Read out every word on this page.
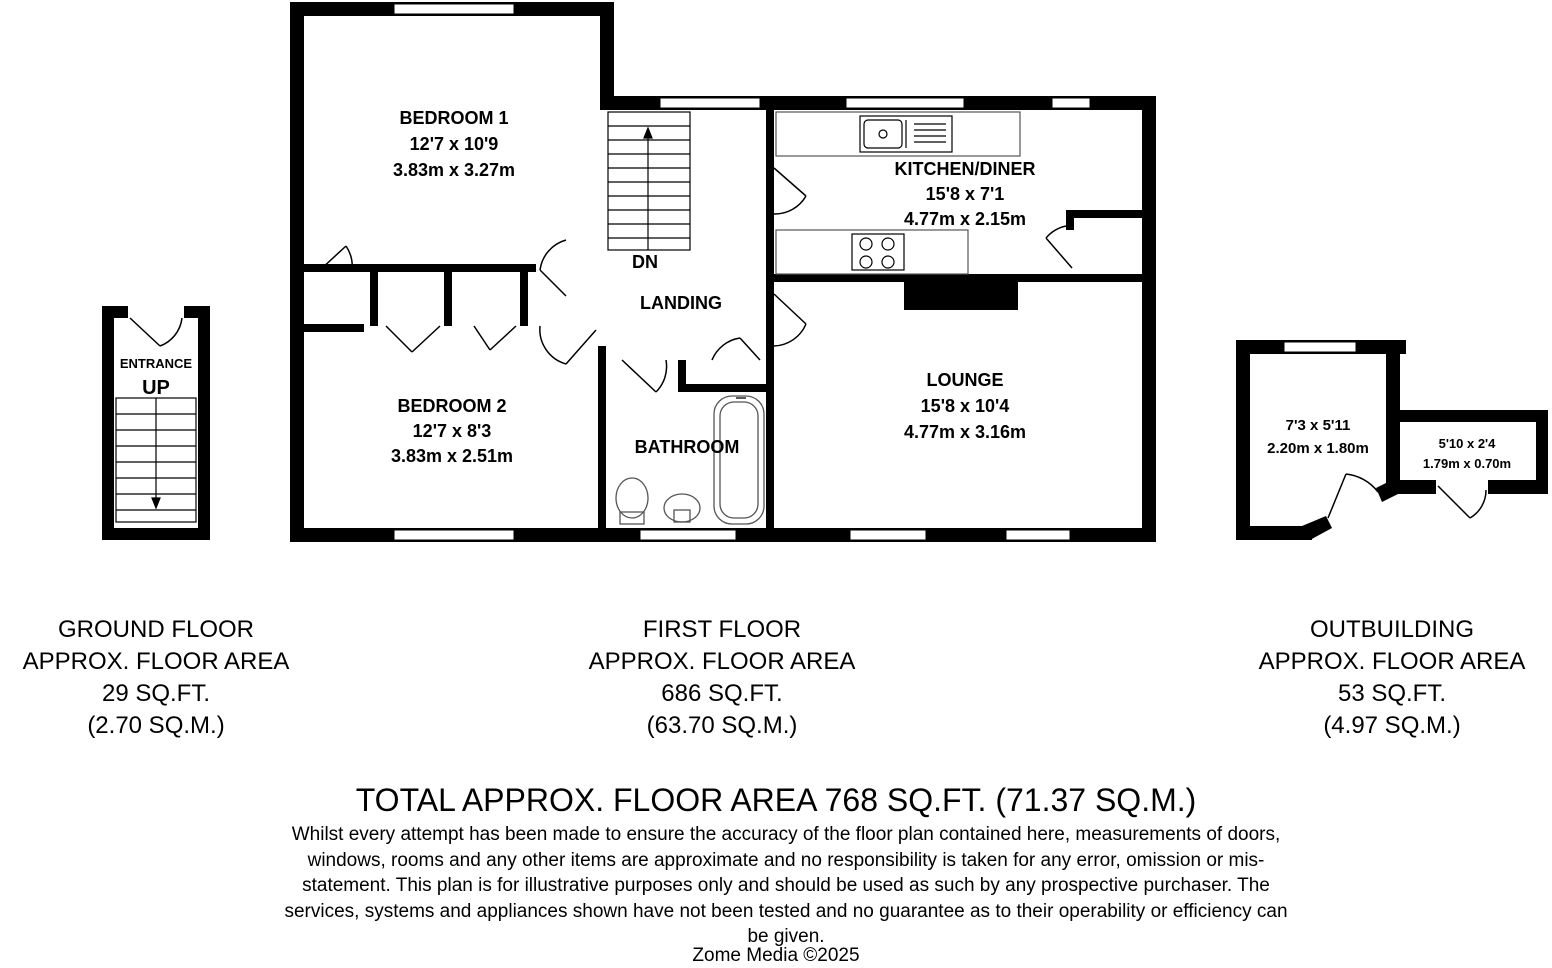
BEDROOM 1
12'7 x 10'9
3.83m x 3.27m
BEDROOM 2
12'7 x 8'3
3.83m x 2.51m
KITCHEN/DINER
15'8 x 7'1
4.77m x 2.15m
LOUNGE
15'8 x 10'4
4.77m x 3.16m
LANDING
BATHROOM
DN
ENTRANCE
UP
7'3 x 5'11
2.20m x 1.80m	5'10 x 2'4
1.79m x 0.70m
GROUND FLOOR
APPROX. FLOOR AREA
29 SQ.FT.
(2.70 SQ.M.)
FIRST FLOOR
APPROX. FLOOR AREA
686 SQ.FT.
(63.70 SQ.M.)
OUTBUILDING
APPROX. FLOOR AREA
53 SQ.FT.
(4.97 SQ.M.)
TOTAL APPROX. FLOOR AREA 768 SQ.FT. (71.37 SQ.M.)
Whilst every attempt has been made to ensure the accuracy of the floor plan contained here, measurements of doors, windows, rooms and any other items are approximate and no responsibility is taken for any error, omission or mis-statement. This plan is for illustrative purposes only and should be used as such by any prospective purchaser. The services, systems and appliances shown have not been tested and no guarantee as to their operability or efficiency can be given.
Zome Media ©2025
